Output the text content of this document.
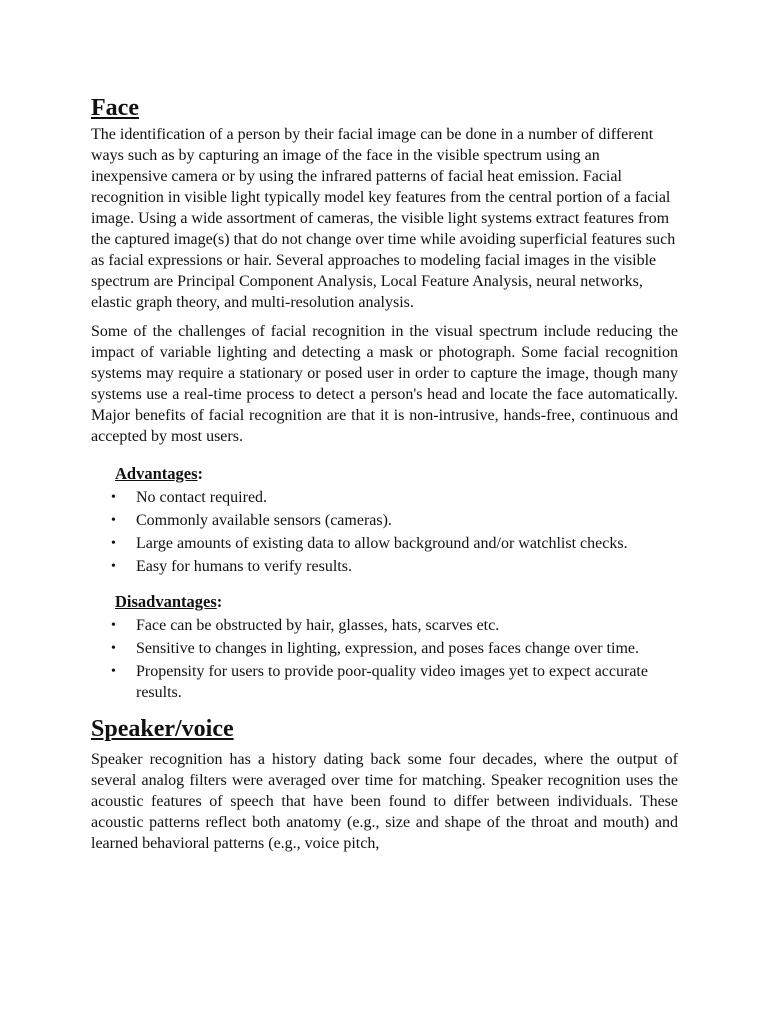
Face

The identification of a person by their facial image can be done in a number of different ways such as by capturing an image of the face in the visible spectrum using an inexpensive camera or by using the infrared patterns of facial heat emission. Facial recognition in visible light typically model key features from the central portion of a facial image. Using a wide assortment of cameras, the visible light systems extract features from the captured image(s) that do not change over time while avoiding superficial features such as facial expressions or hair. Several approaches to modeling facial images in the visible spectrum are Principal Component Analysis, Local Feature Analysis, neural networks, elastic graph theory, and multi-resolution analysis.

Some of the challenges of facial recognition in the visual spectrum include reducing the impact of variable lighting and detecting a mask or photograph. Some facial recognition systems may require a stationary or posed user in order to capture the image, though many systems use a real-time process to detect a person's head and locate the face automatically. Major benefits of facial recognition are that it is non-intrusive, hands-free, continuous and accepted by most users.

Advantages:
• No contact required.
• Commonly available sensors (cameras).
• Large amounts of existing data to allow background and/or watchlist checks.
• Easy for humans to verify results.
Disadvantages:
• Face can be obstructed by hair, glasses, hats, scarves etc.
• Sensitive to changes in lighting, expression, and poses faces change over time.
• Propensity for users to provide poor-quality video images yet to expect accurate results.
Speaker/voice

Speaker recognition has a history dating back some four decades, where the output of several analog filters were averaged over time for matching. Speaker recognition uses the acoustic features of speech that have been found to differ between individuals. These acoustic patterns reflect both anatomy (e.g., size and shape of the throat and mouth) and learned behavioral patterns (e.g., voice pitch,
